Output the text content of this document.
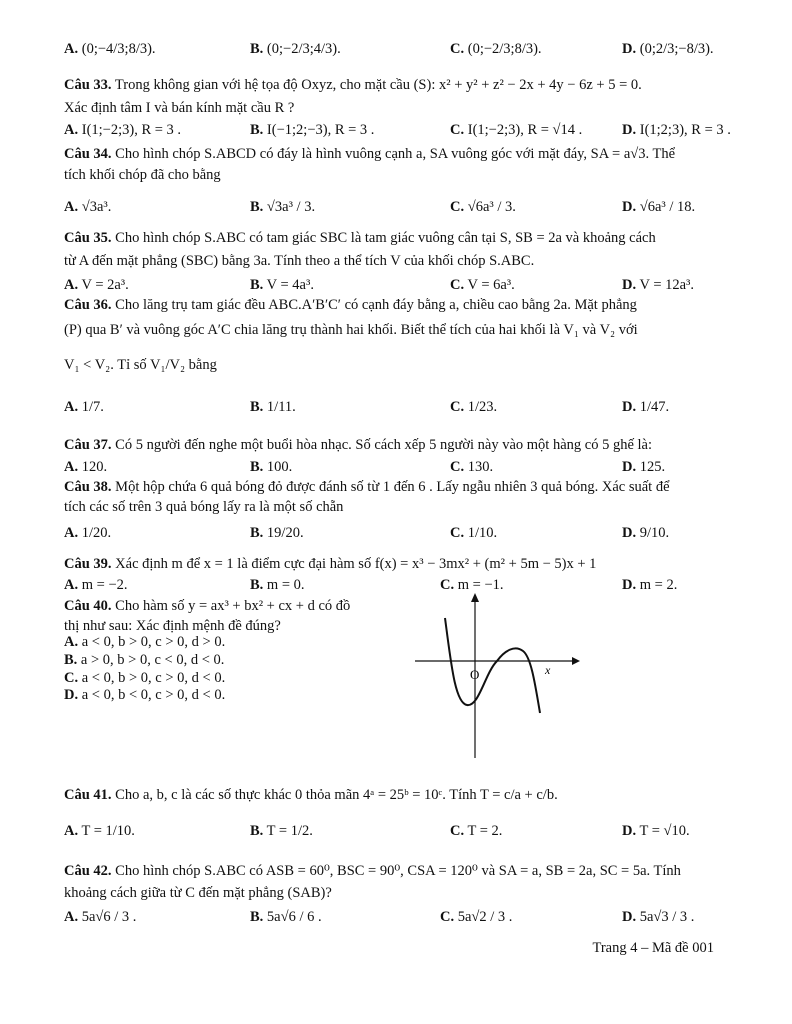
A. (0;−4/3;8/3).	B. (0;−2/3;4/3).	C. (0;−2/3;8/3).	D. (0;2/3;−8/3).
Câu 33. Trong không gian với hệ tọa độ Oxyz, cho mặt cầu (S): x² + y² + z² − 2x + 4y − 6z + 5 = 0.
Xác định tâm I và bán kính mặt cầu R ?
A. I(1;−2;3), R = 3 .	B. I(−1;2;−3), R = 3 .	C. I(1;−2;3), R = √14 .	D. I(1;2;3), R = 3 .
Câu 34. Cho hình chóp S.ABCD có đáy là hình vuông cạnh a, SA vuông góc với mặt đáy, SA = a√3. Thể
tích khối chóp đã cho bằng
A. √3a³.	B. √3a³ / 3.	C. √6a³ / 3.	D. √6a³ / 18.
Câu 35. Cho hình chóp S.ABC có tam giác SBC là tam giác vuông cân tại S, SB = 2a và khoảng cách
từ A đến mặt phẳng (SBC) bằng 3a. Tính theo a thể tích V của khối chóp S.ABC.
A. V = 2a³.	B. V = 4a³.	C. V = 6a³.	D. V = 12a³.
Câu 36. Cho lăng trụ tam giác đều ABC.A′B′C′ có cạnh đáy bằng a, chiều cao bằng 2a. Mặt phẳng
(P) qua B′ và vuông góc A′C chia lăng trụ thành hai khối. Biết thể tích của hai khối là V₁ và V₂ với
V₁ < V₂. Tỉ số V₁/V₂ bằng
A. 1/7.	B. 1/11.	C. 1/23.	D. 1/47.
Câu 37. Có 5 người đến nghe một buổi hòa nhạc. Số cách xếp 5 người này vào một hàng có 5 ghế là:
A. 120.	B. 100.	C. 130.	D. 125.
Câu 38. Một hộp chứa 6 quả bóng đỏ được đánh số từ 1 đến 6 . Lấy ngẫu nhiên 3 quả bóng. Xác suất để
tích các số trên 3 quả bóng lấy ra là một số chẵn
A. 1/20.	B. 19/20.	C. 1/10.	D. 9/10.
Câu 39. Xác định m để x = 1 là điểm cực đại hàm số f(x) = x³ − 3mx² + (m² + 5m − 5)x + 1
A. m = −2.	B. m = 0.	C. m = −1.	D. m = 2.
Câu 40. Cho hàm số y = ax³ + bx² + cx + d có đồ
thị như sau: Xác định mệnh đề đúng?
A. a < 0, b > 0, c > 0, d > 0.
B. a > 0, b > 0, c < 0, d < 0.
C. a < 0, b > 0, c > 0, d < 0.
D. a < 0, b < 0, c > 0, d < 0.
Câu 41. Cho a, b, c là các số thực khác 0 thỏa mãn 4ᵃ = 25ᵇ = 10ᶜ. Tính T = c/a + c/b.
A. T = 1/10.	B. T = 1/2.	C. T = 2.	D. T = √10.
Câu 42. Cho hình chóp S.ABC có ASB = 60⁰, BSC = 90⁰, CSA = 120⁰ và SA = a, SB = 2a, SC = 5a. Tính
khoảng cách giữa từ C đến mặt phẳng (SAB)?
A. 5a√6 / 3 .	B. 5a√6 / 6 .	C. 5a√2 / 3 .	D. 5a√3 / 3 .
O	x
Trang 4 – Mã đề 001
